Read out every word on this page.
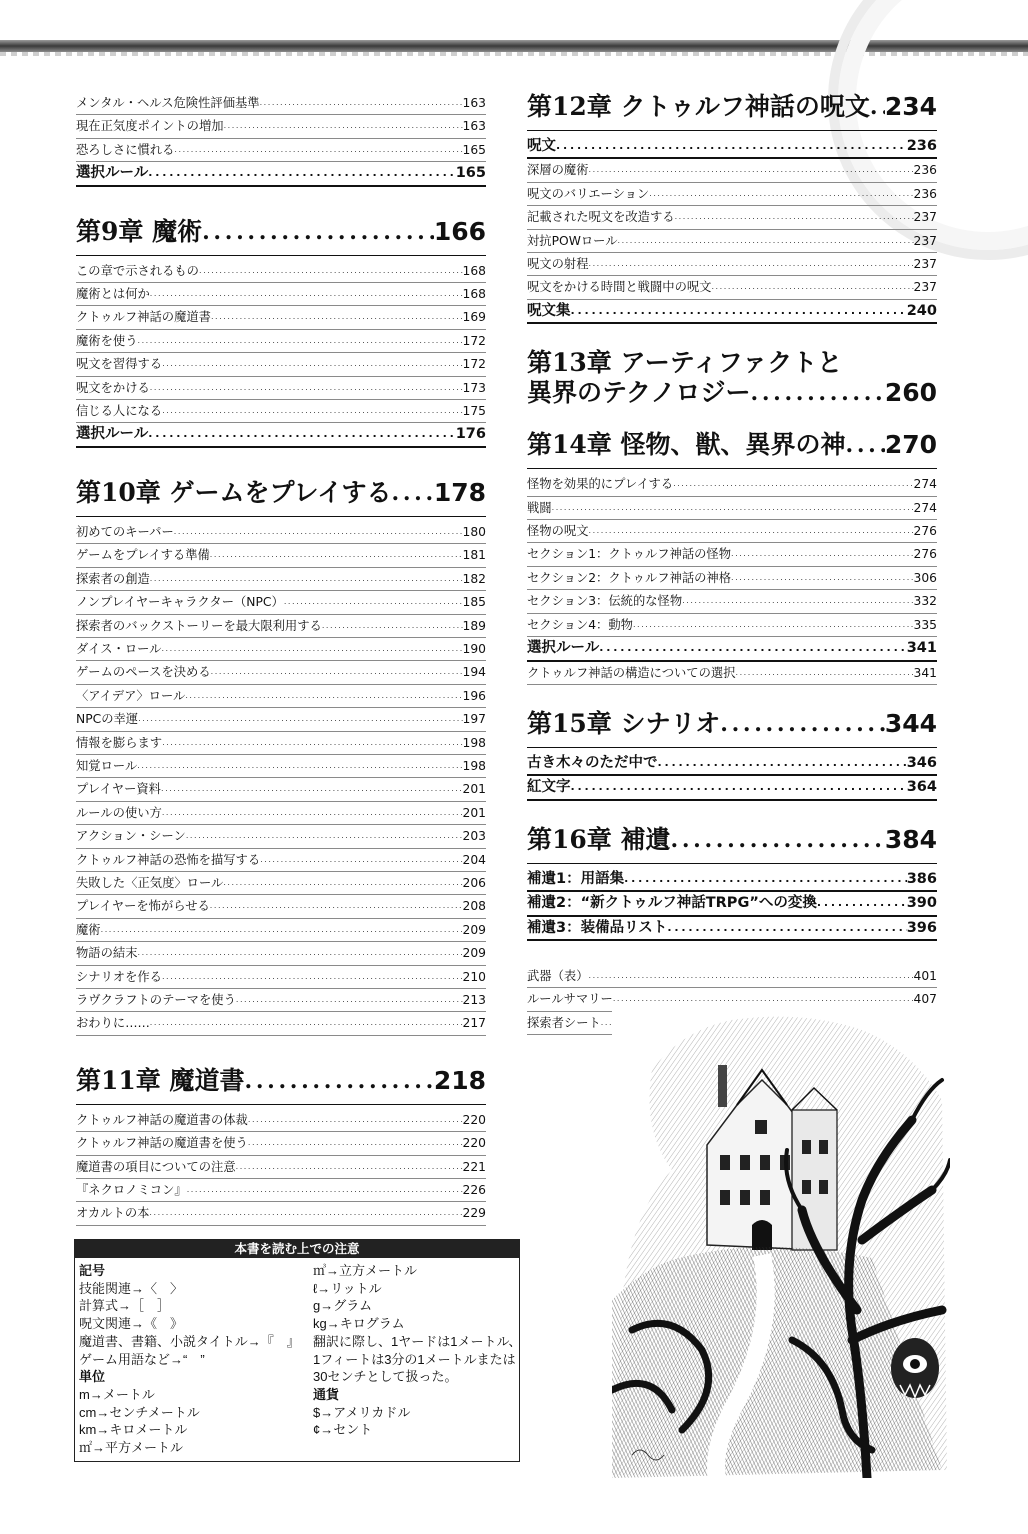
メンタル・ヘルス危険性評価基準 . . .	163
現在正気度ポイントの増加 . . .	163
恐ろしさに慣れる . . .	165
選択ルール . . .	165
第9章 魔術 . . .	166
この章で示されるもの . . .	168
魔術とは何か . . .	168
クトゥルフ神話の魔道書 . . .	169
魔術を使う . . .	172
呪文を習得する . . .	172
呪文をかける . . .	173
信じる人になる . . .	175
選択ルール . . .	176
第10章 ゲームをプレイする . . . 178
初めてのキーパー . . .	180
ゲームをプレイする準備 . . .	181
探索者の創造 . . .	182
ノンプレイヤーキャラクター（NPC） . . .	185
探索者のバックストーリーを最大限利用する . . .	189
ダイス・ロール . . .	190
ゲームのペースを決める . . .	194
〈アイデア〉ロール . . .	196
NPCの幸運 . . .	197
情報を膨らます . . .	198
知覚ロール . . .	198
プレイヤー資料 . . .	201
ルールの使い方 . . .	201
アクション・シーン . . .	203
クトゥルフ神話の恐怖を描写する . . .	204
失敗した〈正気度〉ロール . . .	206
プレイヤーを怖がらせる . . .	208
魔術 . . .	209
物語の結末 . . .	209
シナリオを作る . . .	210
ラヴクラフトのテーマを使う . . .	213
おわりに…… . . .	217
第11章 魔道書 . . .	218
クトゥルフ神話の魔道書の体裁 . . .	220
クトゥルフ神話の魔道書を使う . . .	220
魔道書の項目についての注意 . . .	221
『ネクロノミコン』 . . .	226
オカルトの本 . . .	229
第12章 クトゥルフ神話の呪文 . . . 234
呪文 . . .	236
深層の魔術 . . .	236
呪文のバリエーション . . .	236
記載された呪文を改造する . . .	237
対抗POWロール . . .	237
呪文の射程 . . .	237
呪文をかける時間と戦闘中の呪文 . . .	237
呪文集 . . .	240
第13章 アーティファクトと
異界のテクノロジー . . .	260
第14章 怪物、獣、異界の神 . . . 270
怪物を効果的にプレイする . . .	274
戦闘 . . .	274
怪物の呪文 . . .	276
セクション1：クトゥルフ神話の怪物 . . .	276
セクション2：クトゥルフ神話の神格 . . .	306
セクション3：伝統的な怪物 . . .	332
セクション4：動物 . . .	335
選択ルール . . .	341
クトゥルフ神話の構造についての選択 . . .	341
第15章 シナリオ . . .	344
古き木々のただ中で . . .	346
紅文字 . . .	364
第16章 補遺 . . .	384
補遺1：用語集 . . .	386
補遺2：“新クトゥルフ神話TRPG”への変換 . . .	390
補遺3：装備品リスト . . .	396
武器（表） . . .	401
ルールサマリー . . .	407
探索者シート
. . .
本書を読む上での注意
記号
技能関連→〈　〉
計算式→［　］
呪文関連→《　》
魔道書、書籍、小説タイトル→『　』
ゲーム用語など→“　”
単位
m→メートル
cm→センチメートル
km→キロメートル
㎡→平方メートル
㎥→立方メートル
ℓ→リットル
g→グラム
kg→キログラム
翻訳に際し、1ヤードは1メートル、
1フィートは3分の1メートルまたは
30センチとして扱った。
通貨
$→アメリカドル
¢→セント
